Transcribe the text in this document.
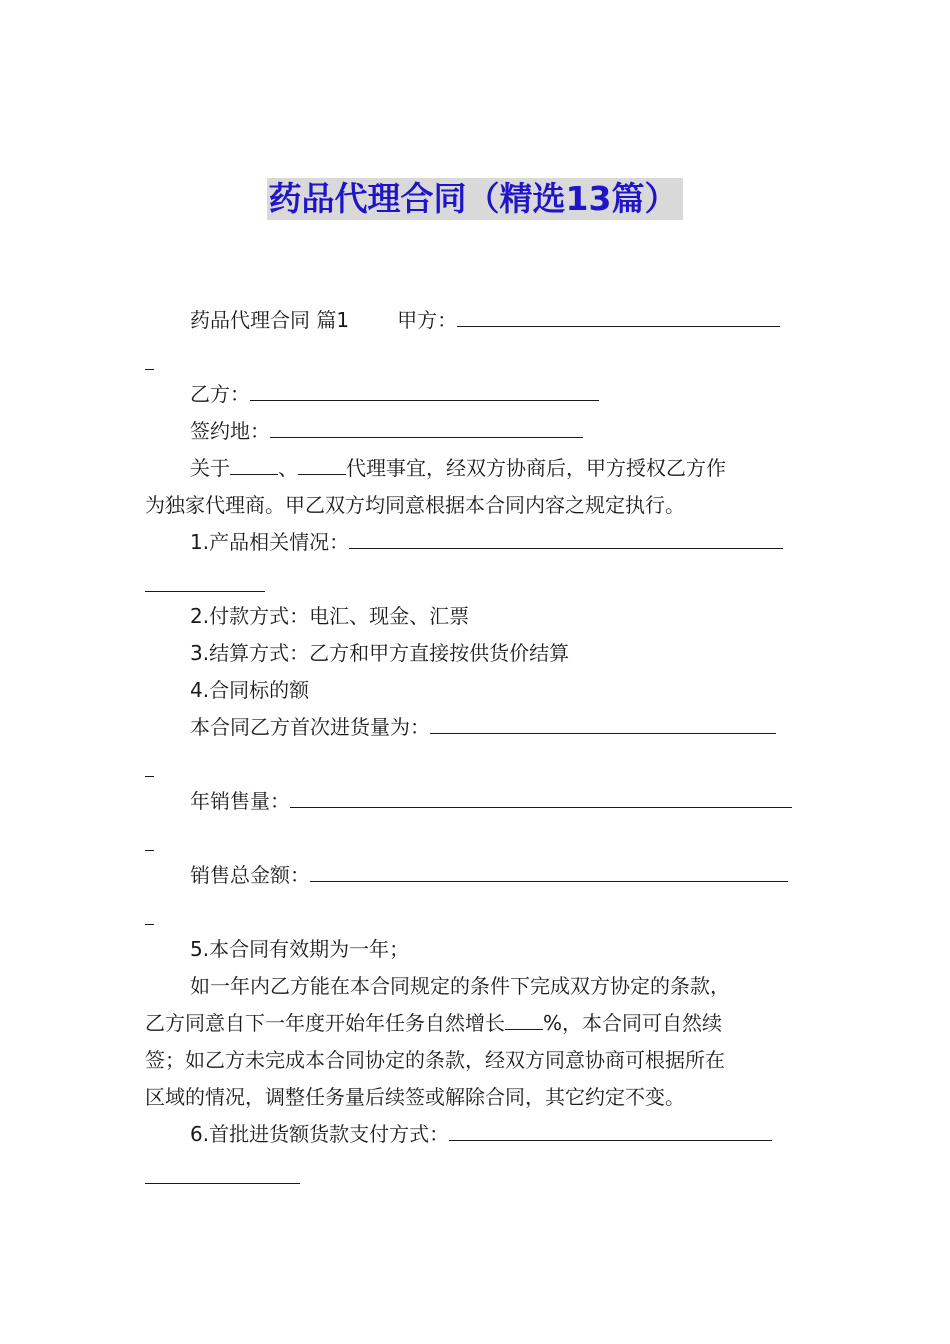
药品代理合同（精选13篇）
药品代理合同 篇1 甲方：
乙方：
签约地：
关于 、 代理事宜，经双方协商后，甲方授权乙方作
为独家代理商。甲乙双方均同意根据本合同内容之规定执行。
1.产品相关情况：
2.付款方式：电汇、现金、汇票
3.结算方式：乙方和甲方直接按供货价结算
4.合同标的额
本合同乙方首次进货量为：
年销售量：
销售总金额：
5.本合同有效期为一年；
如一年内乙方能在本合同规定的条件下完成双方协定的条款，
乙方同意自下一年度开始年任务自然增长 %，本合同可自然续
签；如乙方未完成本合同协定的条款，经双方同意协商可根据所在
区域的情况，调整任务量后续签或解除合同，其它约定不变。
6.首批进货额货款支付方式：
